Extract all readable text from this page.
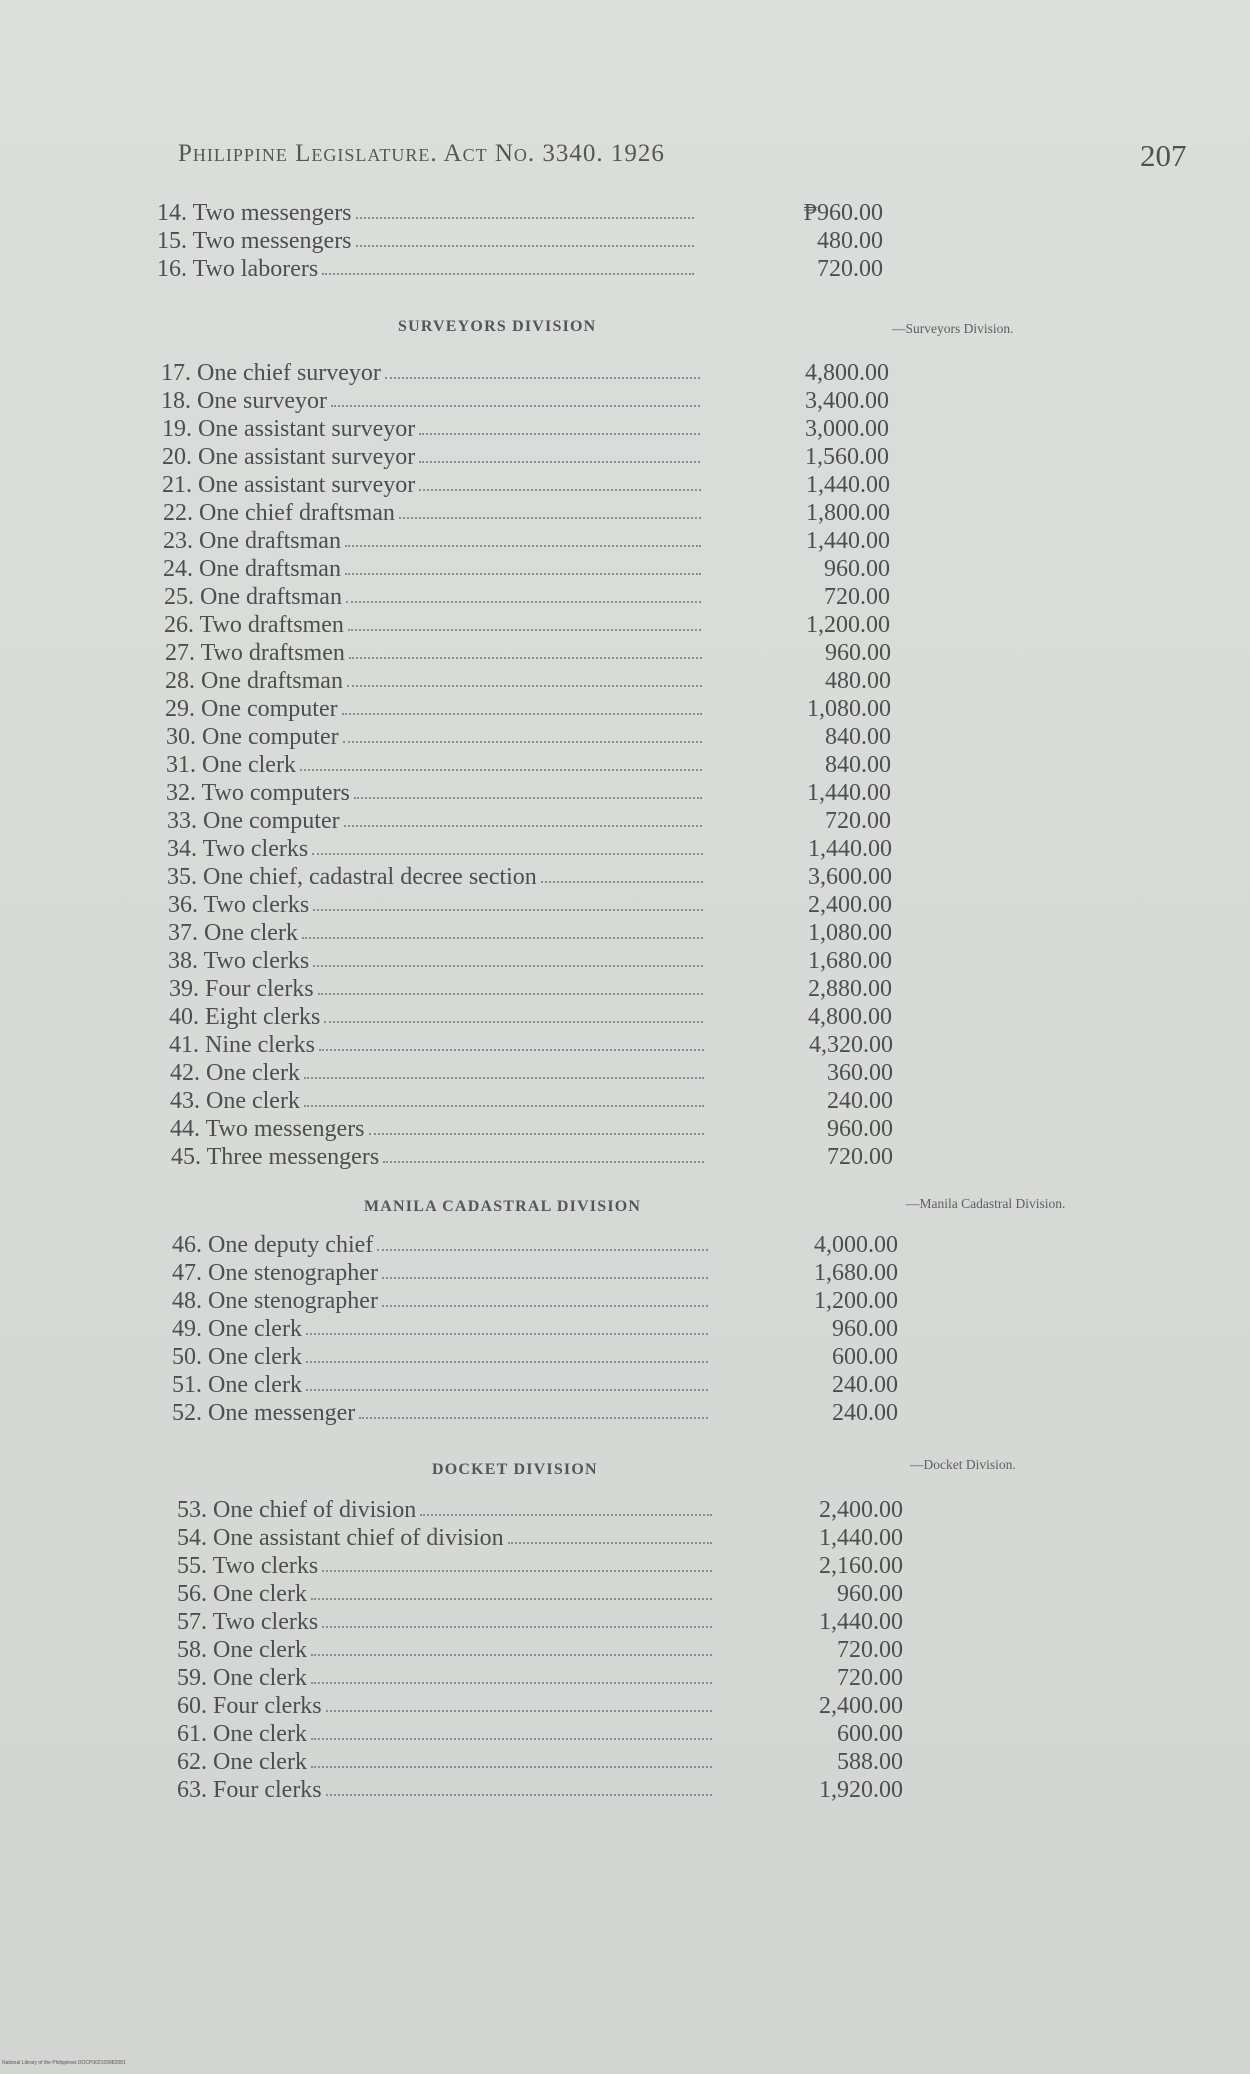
Philippine Legislature. Act No. 3340. 1926	207
SURVEYORS DIVISION	—Surveyors Division.
MANILA CADASTRAL DIVISION	—Manila Cadastral Division.
DOCKET DIVISION	—Docket Division.
14. Two messengers	₱960.00
15. Two messengers	480.00
16. Two laborers	720.00
17. One chief surveyor	4,800.00
18. One surveyor	3,400.00
19. One assistant surveyor	3,000.00
20. One assistant surveyor	1,560.00
21. One assistant surveyor	1,440.00
22. One chief draftsman	1,800.00
23. One draftsman	1,440.00
24. One draftsman	960.00
25. One draftsman	720.00
26. Two draftsmen	1,200.00
27. Two draftsmen	960.00
28. One draftsman	480.00
29. One computer	1,080.00
30. One computer	840.00
31. One clerk	840.00
32. Two computers	1,440.00
33. One computer	720.00
34. Two clerks	1,440.00
35. One chief, cadastral decree section	3,600.00
36. Two clerks	2,400.00
37. One clerk	1,080.00
38. Two clerks	1,680.00
39. Four clerks	2,880.00
40. Eight clerks	4,800.00
41. Nine clerks	4,320.00
42. One clerk	360.00
43. One clerk	240.00
44. Two messengers	960.00
45. Three messengers	720.00
46. One deputy chief	4,000.00
47. One stenographer	1,680.00
48. One stenographer	1,200.00
49. One clerk	960.00
50. One clerk	600.00
51. One clerk	240.00
52. One messenger	240.00
53. One chief of division	2,400.00
54. One assistant chief of division	1,440.00
55. Two clerks	2,160.00
56. One clerk	960.00
57. Two clerks	1,440.00
58. One clerk	720.00
59. One clerk	720.00
60. Four clerks	2,400.00
61. One clerk	600.00
62. One clerk	588.00
63. Four clerks	1,920.00
National Library of the Philippines DOCP002109982081
